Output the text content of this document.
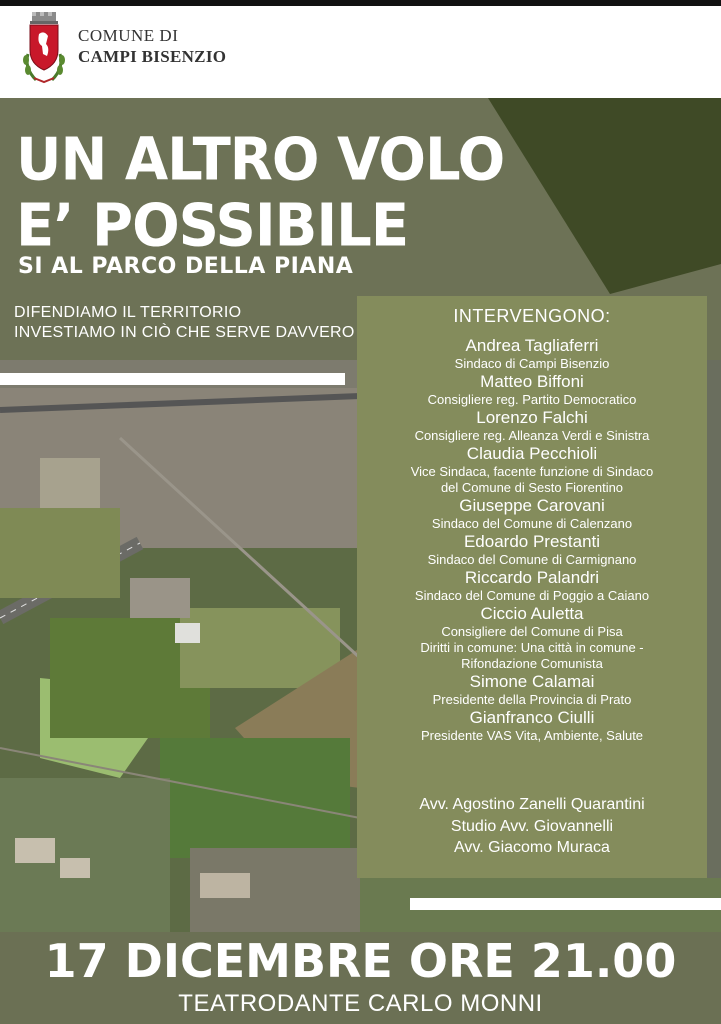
COMUNE DI
CAMPI BISENZIO
UN ALTRO VOLO
E’ POSSIBILE
SI AL PARCO DELLA PIANA
DIFENDIAMO IL TERRITORIO
INVESTIAMO IN CIÒ CHE SERVE DAVVERO
INTERVENGONO:
Andrea Tagliaferri
Sindaco di Campi Bisenzio
Matteo Biffoni
Consigliere reg. Partito Democratico
Lorenzo Falchi
Consigliere reg. Alleanza Verdi e Sinistra
Claudia Pecchioli
Vice Sindaca, facente funzione di Sindaco
del Comune di Sesto Fiorentino
Giuseppe Carovani
Sindaco del Comune di Calenzano
Edoardo Prestanti
Sindaco del Comune di Carmignano
Riccardo Palandri
Sindaco del Comune di Poggio a Caiano
Ciccio Auletta
Consigliere del Comune di Pisa
Diritti in comune: Una città in comune -
Rifondazione Comunista
Simone Calamai
Presidente della Provincia di Prato
Gianfranco Ciulli
Presidente VAS Vita, Ambiente, Salute
Avv. Agostino Zanelli Quarantini
Studio Avv. Giovannelli
Avv. Giacomo Muraca
17 DICEMBRE ORE 21.00
TEATRODANTE CARLO MONNI
